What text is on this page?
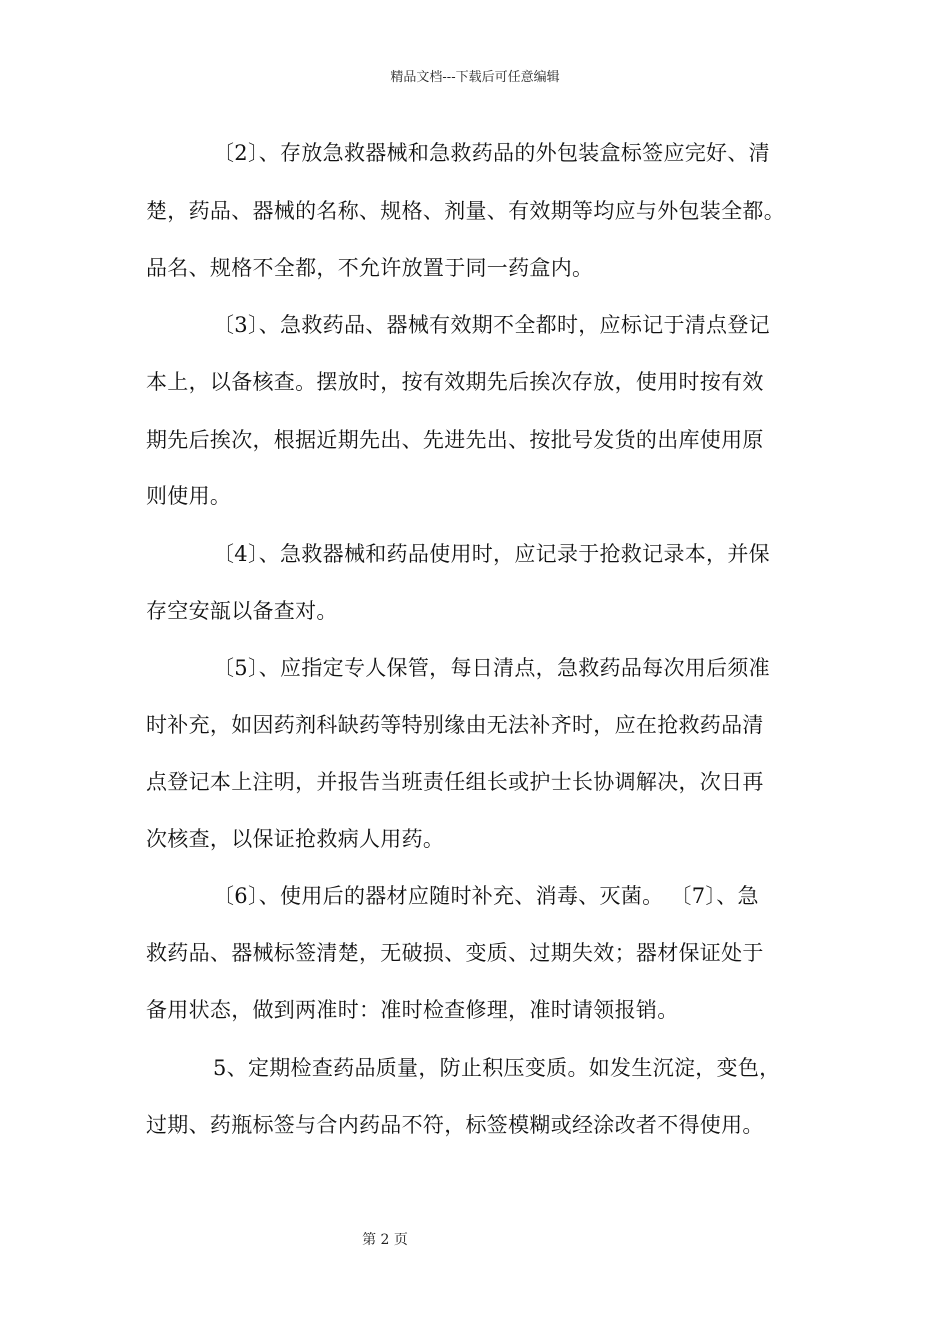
精品文档---下载后可任意编辑
〔2〕、存放急救器械和急救药品的外包装盒标签应完好、清
楚，药品、器械的名称、规格、剂量、有效期等均应与外包装全都。
品名、规格不全都，不允许放置于同一药盒内。
〔3〕、急救药品、器械有效期不全都时，应标记于清点登记
本上，以备核查。摆放时，按有效期先后挨次存放，使用时按有效
期先后挨次，根据近期先出、先进先出、按批号发货的出库使用原
则使用。
〔4〕、急救器械和药品使用时，应记录于抢救记录本，并保
存空安瓿以备查对。
〔5〕、应指定专人保管，每日清点，急救药品每次用后须准
时补充，如因药剂科缺药等特别缘由无法补齐时，应在抢救药品清
点登记本上注明，并报告当班责任组长或护士长协调解决，次日再
次核查，以保证抢救病人用药。
〔6〕、使用后的器材应随时补充、消毒、灭菌。 〔7〕、急
救药品、器械标签清楚，无破损、变质、过期失效；器材保证处于
备用状态，做到两准时：准时检查修理，准时请领报销。
5、定期检查药品质量，防止积压变质。如发生沉淀，变色，
过期、药瓶标签与合内药品不符，标签模糊或经涂改者不得使用。
第 2 页
